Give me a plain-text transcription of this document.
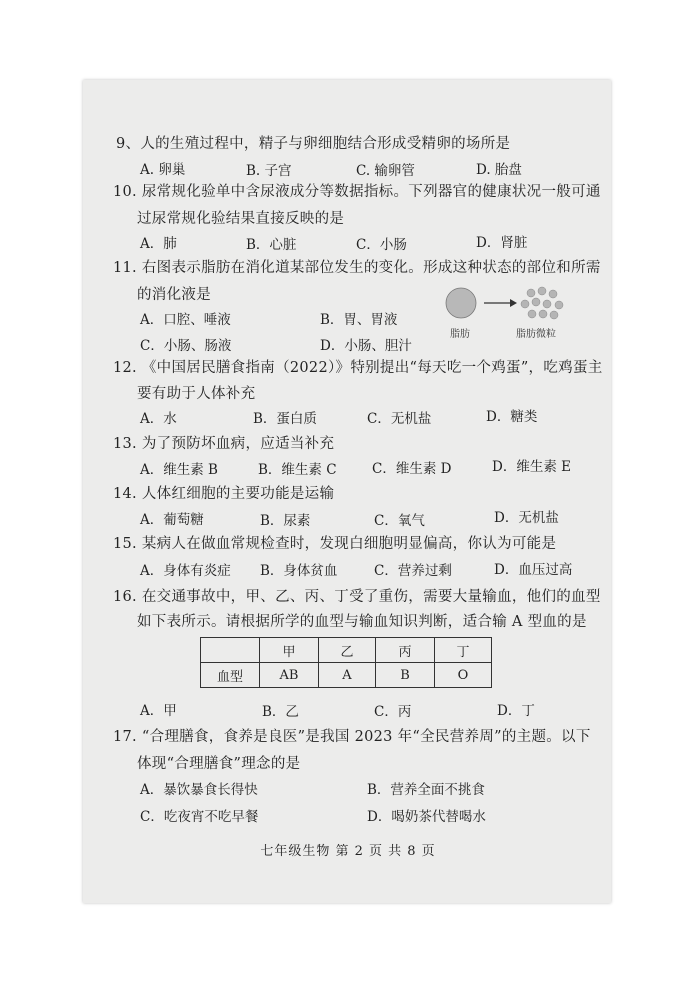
9、人的生殖过程中，精子与卵细胞结合形成受精卵的场所是
A. 卵巢	B. 子宫	C. 输卵管	D. 胎盘
10. 尿常规化验单中含尿液成分等数据指标。下列器官的健康状况一般可通
过尿常规化验结果直接反映的是
A．肺	B．心脏	C．小肠	D．肾脏
11. 右图表示脂肪在消化道某部位发生的变化。形成这种状态的部位和所需
的消化液是
A．口腔、唾液	B．胃、胃液
C．小肠、肠液	D．小肠、胆汁
脂肪	脂肪微粒
12. 《中国居民膳食指南（2022）》特别提出“每天吃一个鸡蛋”，吃鸡蛋主
要有助于人体补充
A．水	B．蛋白质	C．无机盐	D．糖类
13. 为了预防坏血病，应适当补充
A．维生素 B	B．维生素 C	C．维生素 D	D．维生素 E
14. 人体红细胞的主要功能是运输
A．葡萄糖	B．尿素	C．氧气	D．无机盐
15. 某病人在做血常规检查时，发现白细胞明显偏高，你认为可能是
A．身体有炎症 B．身体贫血	C．营养过剩	D．血压过高
16. 在交通事故中，甲、乙、丙、丁受了重伤，需要大量输血，他们的血型
如下表所示。请根据所学的血型与输血知识判断，适合输 A 型血的是
	甲	乙	丙	丁
血型	AB	A	B	O
A．甲	B．乙	C．丙	D．丁
17. “合理膳食，食养是良医”是我国 2023 年“全民营养周”的主题。以下
体现“合理膳食”理念的是
A．暴饮暴食长得快	B．营养全面不挑食
C．吃夜宵不吃早餐	D．喝奶茶代替喝水
七年级生物 第 2 页 共 8 页
